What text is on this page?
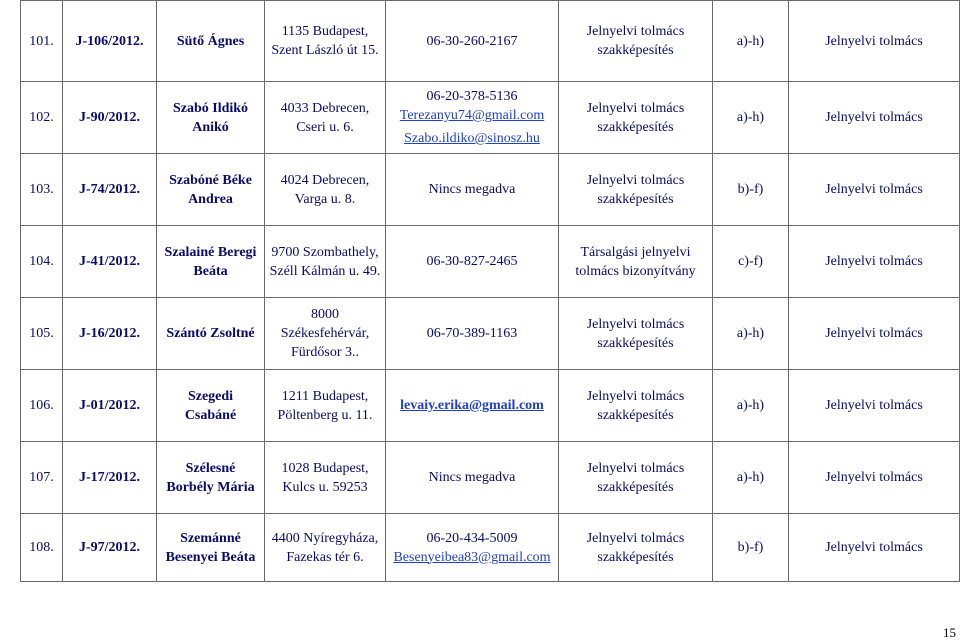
101.	J-106/2012.	Sütő Ágnes	1135 Budapest,
Szent László út 15.	06-30-260-2167	Jelnyelvi tolmács
szakképesítés	a)-h)	Jelnyelvi tolmács
102.	J-90/2012.	Szabó Ildikó
Anikó	4033 Debrecen,
Cseri u. 6.	06-20-378-5136
Terezanyu74@gmail.com
Szabo.ildiko@sinosz.hu	Jelnyelvi tolmács
szakképesítés	a)-h)	Jelnyelvi tolmács
103.	J-74/2012.	Szabóné Béke
Andrea	4024 Debrecen,
Varga u. 8.	Nincs megadva	Jelnyelvi tolmács
szakképesítés	b)-f)	Jelnyelvi tolmács
104.	J-41/2012.	Szalainé Beregi
Beáta	9700 Szombathely,
Széll Kálmán u. 49.	06-30-827-2465	Társalgási jelnyelvi
tolmács bizonyítvány	c)-f)	Jelnyelvi tolmács
105.	J-16/2012.	Szántó Zsoltné	8000
Székesfehérvár,
Fürdősor 3..	06-70-389-1163	Jelnyelvi tolmács
szakképesítés	a)-h)	Jelnyelvi tolmács
106.	J-01/2012.	Szegedi
Csabáné	1211 Budapest,
Pöltenberg u. 11.	levaiy.erika@gmail.com	Jelnyelvi tolmács
szakképesítés	a)-h)	Jelnyelvi tolmács
107.	J-17/2012.	Szélesné
Borbély Mária	1028 Budapest,
Kulcs u. 59253	Nincs megadva	Jelnyelvi tolmács
szakképesítés	a)-h)	Jelnyelvi tolmács
108.	J-97/2012.	Szemánné
Besenyei Beáta	4400 Nyíregyháza,
Fazekas tér 6.	06-20-434-5009
Besenyeibea83@gmail.com	Jelnyelvi tolmács
szakképesítés	b)-f)	Jelnyelvi tolmács
15
